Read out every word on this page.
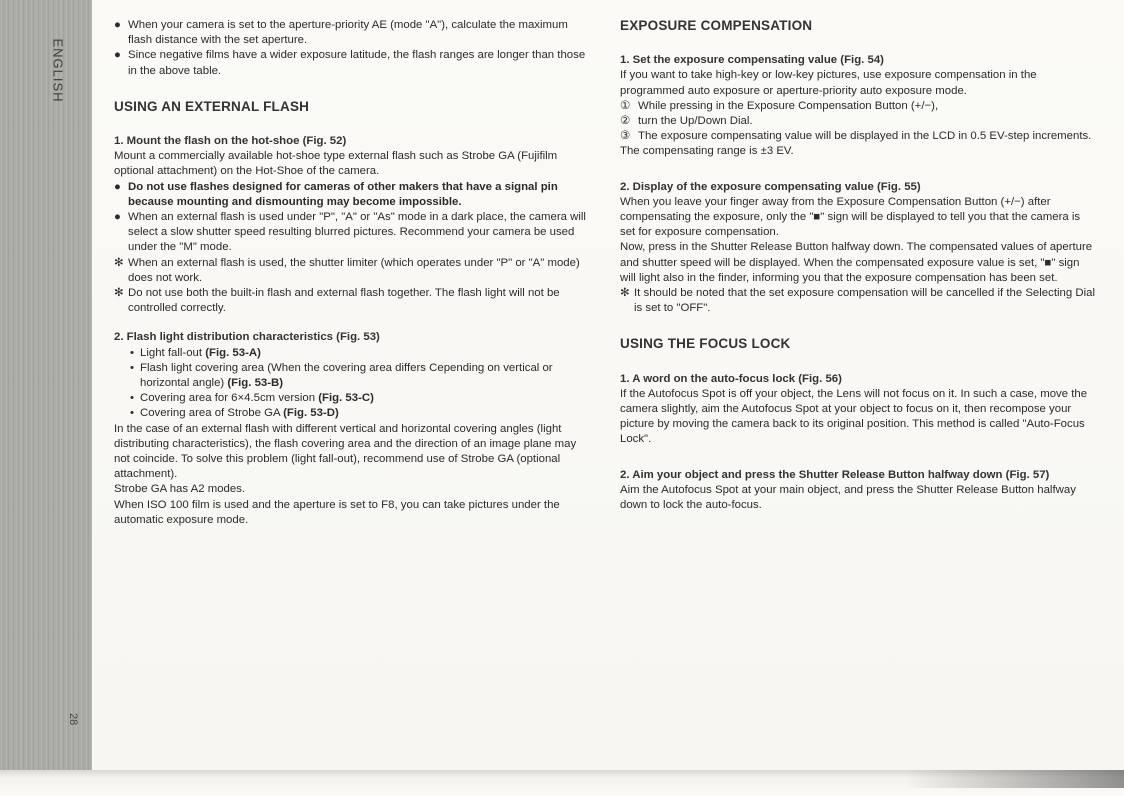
ENGLISH
28
● When your camera is set to the aperture-priority AE (mode "A"), calculate the maximum flash distance with the set aperture.

● Since negative films have a wider exposure latitude, the flash ranges are longer than those in the above table.

USING AN EXTERNAL FLASH

1. Mount the flash on the hot-shoe (Fig. 52)

Mount a commercially available hot-shoe type external flash such as Strobe GA (Fujifilm optional attachment) on the Hot-Shoe of the camera.

● Do not use flashes designed for cameras of other makers that have a signal pin because mounting and dismounting may become impossible.

● When an external flash is used under "P", "A" or "As" mode in a dark place, the camera will select a slow shutter speed resulting blurred pictures. Recommend your camera be used under the "M" mode.

✻ When an external flash is used, the shutter limiter (which operates under "P" or "A" mode) does not work.

✻ Do not use both the built-in flash and external flash together. The flash light will not be controlled correctly.

2. Flash light distribution characteristics (Fig. 53)

• Light fall-out (Fig. 53-A)

• Flash light covering area (When the covering area differs Cepending on vertical or horizontal angle) (Fig. 53-B)

• Covering area for 6×4.5cm version (Fig. 53-C)

• Covering area of Strobe GA (Fig. 53-D)

In the case of an external flash with different vertical and horizontal covering angles (light distributing characteristics), the flash covering area and the direction of an image plane may not coincide. To solve this problem (light fall-out), recommend use of Strobe GA (optional attachment).

Strobe GA has A2 modes.

When ISO 100 film is used and the aperture is set to F8, you can take pictures under the automatic exposure mode.

EXPOSURE COMPENSATION

1. Set the exposure compensating value (Fig. 54)

If you want to take high-key or low-key pictures, use exposure compensation in the programmed auto exposure or aperture-priority auto exposure mode.

① While pressing in the Exposure Compensation Button (+/−),

② turn the Up/Down Dial.

③ The exposure compensating value will be displayed in the LCD in 0.5 EV-step increments.

The compensating range is ±3 EV.

2. Display of the exposure compensating value (Fig. 55)

When you leave your finger away from the Exposure Compensation Button (+/−) after compensating the exposure, only the "■" sign will be displayed to tell you that the camera is set for exposure compensation.

Now, press in the Shutter Release Button halfway down. The compensated values of aperture and shutter speed will be displayed. When the compensated exposure value is set, "■" sign will light also in the finder, informing you that the exposure compensation has been set.

✻ It should be noted that the set exposure compensation will be cancelled if the Selecting Dial is set to "OFF".

USING THE FOCUS LOCK

1. A word on the auto-focus lock (Fig. 56)

If the Autofocus Spot is off your object, the Lens will not focus on it. In such a case, move the camera slightly, aim the Autofocus Spot at your object to focus on it, then recompose your picture by moving the camera back to its original position. This method is called "Auto-Focus Lock".

2. Aim your object and press the Shutter Release Button halfway down (Fig. 57)

Aim the Autofocus Spot at your main object, and press the Shutter Release Button halfway down to lock the auto-focus.
